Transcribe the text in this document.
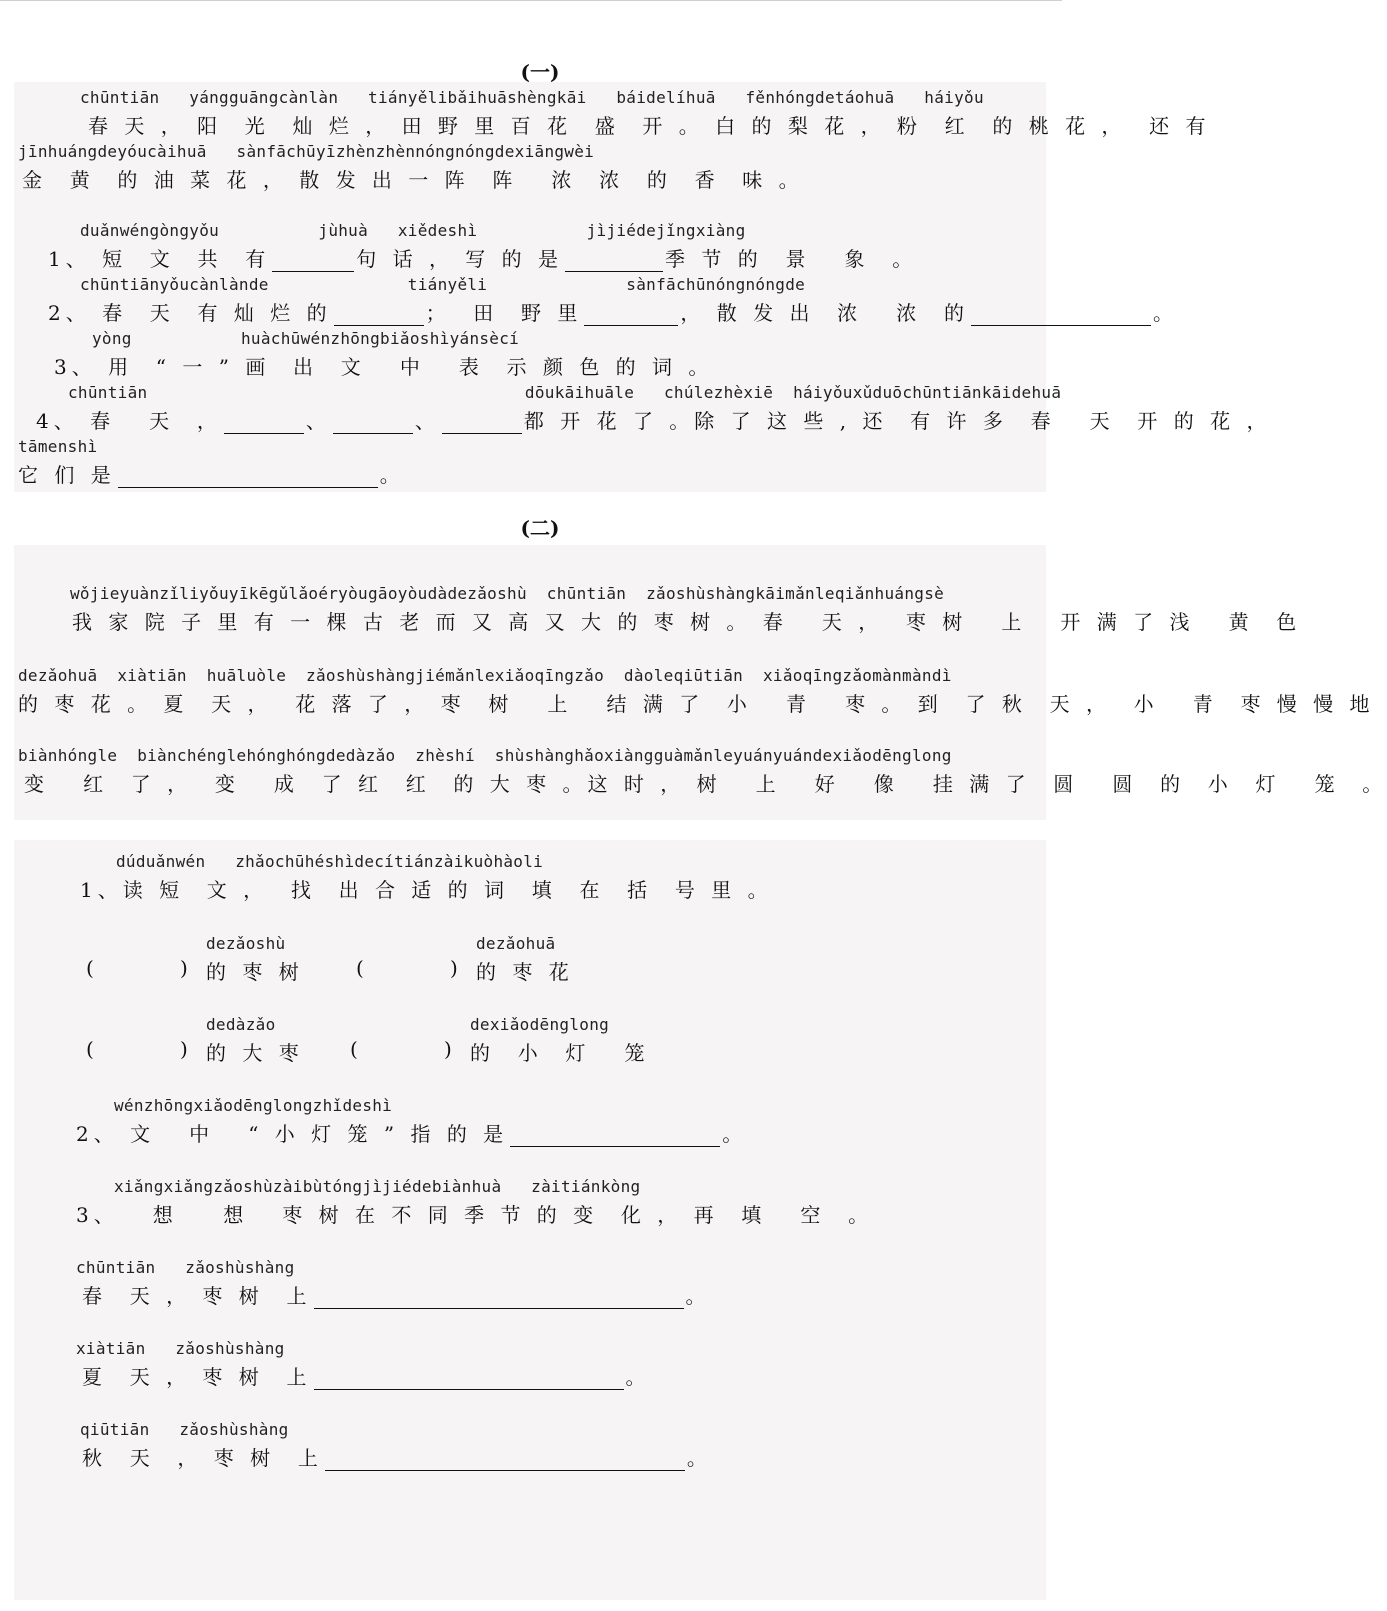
(一)
chūntiān   yángguāngcànlàn   tiányělibǎihuāshèngkāi   báidelíhuā   fěnhóngdetáohuā   háiyǒu
春 天 ， 阳  光  灿 烂 ， 田 野 里 百 花  盛  开 。 白 的 梨 花 ， 粉  红  的 桃 花 ，  还 有
jīnhuángdeyóucàihuā   sànfāchūyīzhènzhènnóngnóngdexiāngwèi
金  黄  的 油 菜 花 ， 散 发 出 一 阵  阵   浓  浓  的  香  味 。
duǎnwéngòngyǒu          jùhuà   xiědeshì           jìjiédejǐngxiàng
1、 短  文  共  有	句 话 ， 写 的 是	季 节 的  景   象  。
chūntiānyǒucànlànde              tiányěli              sànfāchūnóngnóngde
2、 春  天  有 灿 烂 的	；  田  野 里	， 散 发 出  浓   浓  的	。
yòng           huàchūwénzhōngbiǎoshìyánsècí
3、 用  “ 一 ” 画  出  文   中   表  示 颜 色 的 词 。
chūntiān                                      dōukāihuāle   chúlezhèxiē  háiyǒuxǔduōchūntiānkāidehuā
4、 春   天  ，	、	、	都 开 花 了 。除 了 这 些 , 还  有 许 多  春   天  开 的 花 ，
tāmenshì
它 们 是	。
(二)
wǒjieyuànzǐliyǒuyīkēgǔlǎoéryòugāoyòudàdezǎoshù  chūntiān  zǎoshùshàngkāimǎnleqiǎnhuángsè
我 家 院 子 里 有 一 棵 古 老 而 又 高 又 大 的 枣 树 。 春   天 ，  枣 树   上   开 满 了 浅   黄  色
dezǎohuā  xiàtiān  huāluòle  zǎoshùshàngjiémǎnlexiǎoqīngzǎo  dàoleqiūtiān  xiǎoqīngzǎomànmàndì
的 枣 花 。 夏  天 ，  花 落 了 ， 枣  树   上   结 满 了  小   青   枣 。 到  了 秋  天 ，  小   青  枣 慢 慢 地
biànhóngle  biànchénglehónghóngdedàzǎo  zhèshí  shùshànghǎoxiàngguàmǎnleyuányuándexiǎodēnglong
变   红  了 ，  变   成  了 红  红  的 大 枣 。这 时 ， 树   上   好   像   挂 满 了  圆   圆  的  小  灯   笼  。
dúduǎnwén   zhǎochūhéshìdecítiánzàikuòhàoli
1、读 短  文 ，  找  出 合 适 的 词  填  在  括  号 里 。
dezǎoshù
(	) 的 枣 树
dezǎohuā
(	) 的 枣 花
dedàzǎo
(	) 的 大 枣
dexiǎodēnglong
(	) 的  小  灯   笼
wénzhōngxiǎodēnglongzhǐdeshì
2、 文   中   “ 小 灯 笼 ” 指 的 是	。
xiǎngxiǎngzǎoshùzàibùtóngjìjiédebiànhuà   zàitiánkòng
3、   想    想   枣 树 在 不 同 季 节 的 变  化 ， 再  填   空  。
chūntiān   zǎoshùshàng
春  天 ， 枣 树  上	。
xiàtiān   zǎoshùshàng
夏  天 ， 枣 树  上	。
qiūtiān   zǎoshùshàng
秋  天  ， 枣 树  上	。
